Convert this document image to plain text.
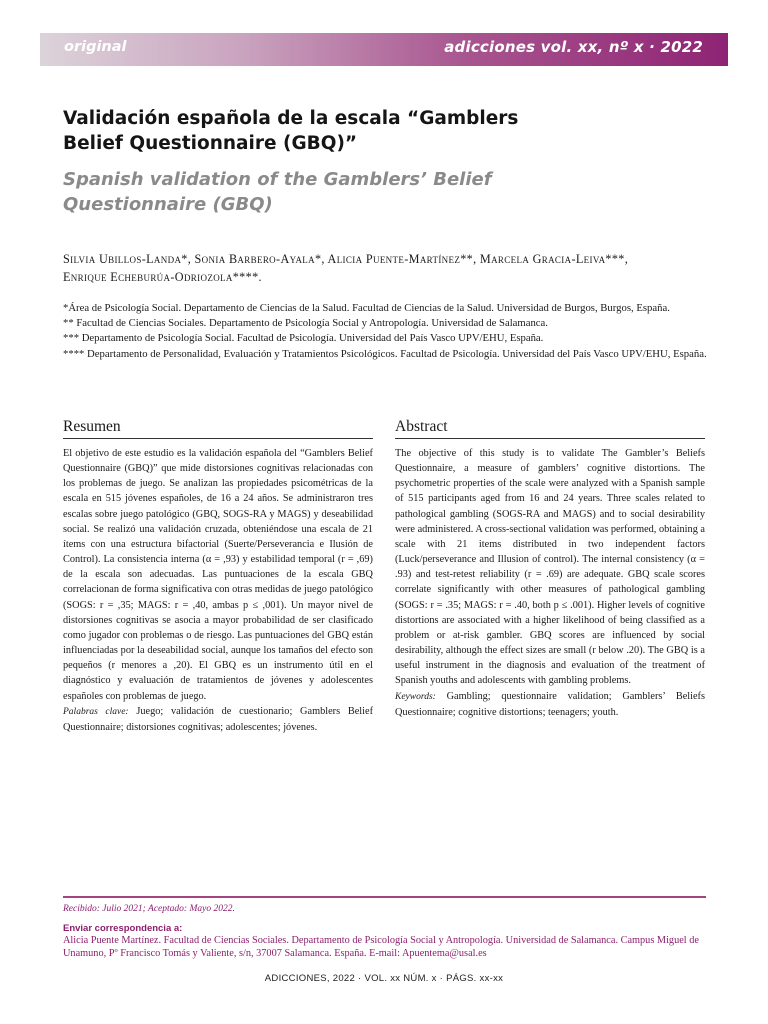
original	adicciones vol. xx, nº x · 2022
Validación española de la escala “Gamblers Belief Questionnaire (GBQ)”
Spanish validation of the Gamblers’ Belief Questionnaire (GBQ)
Silvia Ubillos-Landa*, Sonia Barbero-Ayala*, Alicia Puente-Martínez**, Marcela Gracia-Leiva***, Enrique Echeburúa-Odriozola****.
*Área de Psicología Social. Departamento de Ciencias de la Salud. Facultad de Ciencias de la Salud. Universidad de Burgos, Burgos, España.
** Facultad de Ciencias Sociales. Departamento de Psicología Social y Antropología. Universidad de Salamanca.
*** Departamento de Psicología Social. Facultad de Psicología. Universidad del País Vasco UPV/EHU, España.
**** Departamento de Personalidad, Evaluación y Tratamientos Psicológicos. Facultad de Psicología. Universidad del País Vasco UPV/EHU, España.
Resumen

El objetivo de este estudio es la validación española del “Gamblers Belief Questionnaire (GBQ)” que mide distorsiones cognitivas relacionadas con los problemas de juego. Se analizan las propiedades psicométricas de la escala en 515 jóvenes españoles, de 16 a 24 años. Se administraron tres escalas sobre juego patológico (GBQ, SOGS-RA y MAGS) y deseabilidad social. Se realizó una validación cruzada, obteniéndose una escala de 21 ítems con una estructura bifactorial (Suerte/Perseverancia e Ilusión de Control). La consistencia interna (α = ,93) y estabilidad temporal (r = ,69) de la escala son adecuadas. Las puntuaciones de la escala GBQ correlacionan de forma significativa con otras medidas de juego patológico (SOGS: r = ,35; MAGS: r = ,40, ambas p ≤ ,001). Un mayor nivel de distorsiones cognitivas se asocia a mayor probabilidad de ser clasificado como jugador con problemas o de riesgo. Las puntuaciones del GBQ están influenciadas por la deseabilidad social, aunque los tamaños del efecto son pequeños (r menores a ,20). El GBQ es un instrumento útil en el diagnóstico y evaluación de tratamientos de jóvenes y adolescentes españoles con problemas de juego.

Palabras clave: Juego; validación de cuestionario; Gamblers Belief Questionnaire; distorsiones cognitivas; adolescentes; jóvenes.

Abstract

The objective of this study is to validate The Gambler’s Beliefs Questionnaire, a measure of gamblers’ cognitive distortions. The psychometric properties of the scale were analyzed with a Spanish sample of 515 participants aged from 16 and 24 years. Three scales related to pathological gambling (SOGS-RA and MAGS) and to social desirability were administered. A cross-sectional validation was performed, obtaining a scale with 21 items distributed in two independent factors (Luck/perseverance and Illusion of control). The internal consistency (α = .93) and test-retest reliability (r = .69) are adequate. GBQ scale scores correlate significantly with other measures of pathological gambling (SOGS: r = .35; MAGS: r = .40, both p ≤ .001). Higher levels of cognitive distortions are associated with a higher likelihood of being classified as a problem or at-risk gambler. GBQ scores are influenced by social desirability, although the effect sizes are small (r below .20). The GBQ is a useful instrument in the diagnosis and evaluation of the treatment of Spanish youths and adolescents with gambling problems.

Keywords: Gambling; questionnaire validation; Gamblers’ Beliefs Questionnaire; cognitive distortions; teenagers; youth.

Recibido: Julio 2021; Aceptado: Mayo 2022.
Enviar correspondencia a:
Alicia Puente Martínez. Facultad de Ciencias Sociales. Departamento de Psicología Social y Antropología. Universidad de Salamanca. Campus Miguel de Unamuno, Pº Francisco Tomás y Valiente, s/n, 37007 Salamanca. España. E-mail: Apuentema@usal.es
ADICCIONES, 2022 · VOL. xx NÚM. x · PÁGS. xx-xx
